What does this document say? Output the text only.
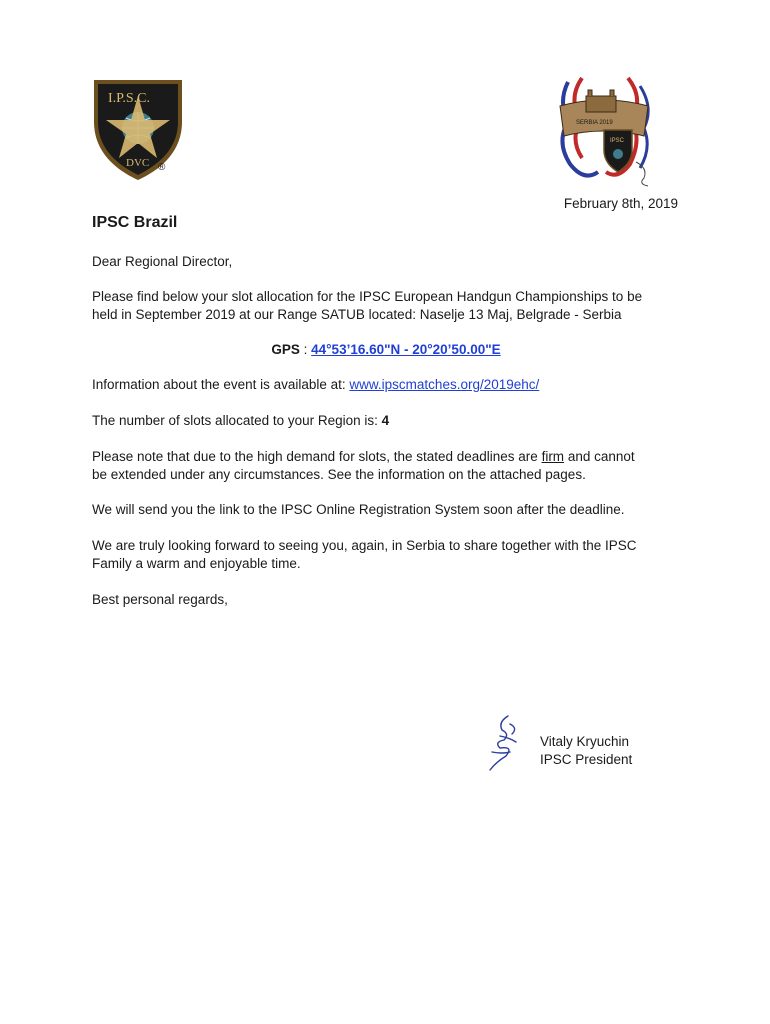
I.P.S.C.
DVC ®
SERBIA 2019
IPSC
February 8th, 2019
IPSC Brazil
Dear Regional Director,
Please find below your slot allocation for the IPSC European Handgun Championships to be
held in September 2019 at our Range SATUB located: Naselje 13 Maj, Belgrade - Serbia
GPS : 44°53’16.60"N - 20°20’50.00"E
Information about the event is available at: www.ipscmatches.org/2019ehc/
The number of slots allocated to your Region is: 4
Please note that due to the high demand for slots, the stated deadlines are firm and cannot
be extended under any circumstances. See the information on the attached pages.
We will send you the link to the IPSC Online Registration System soon after the deadline.
We are truly looking forward to seeing you, again, in Serbia to share together with the IPSC
Family a warm and enjoyable time.
Best personal regards,
Vitaly Kryuchin
IPSC President
